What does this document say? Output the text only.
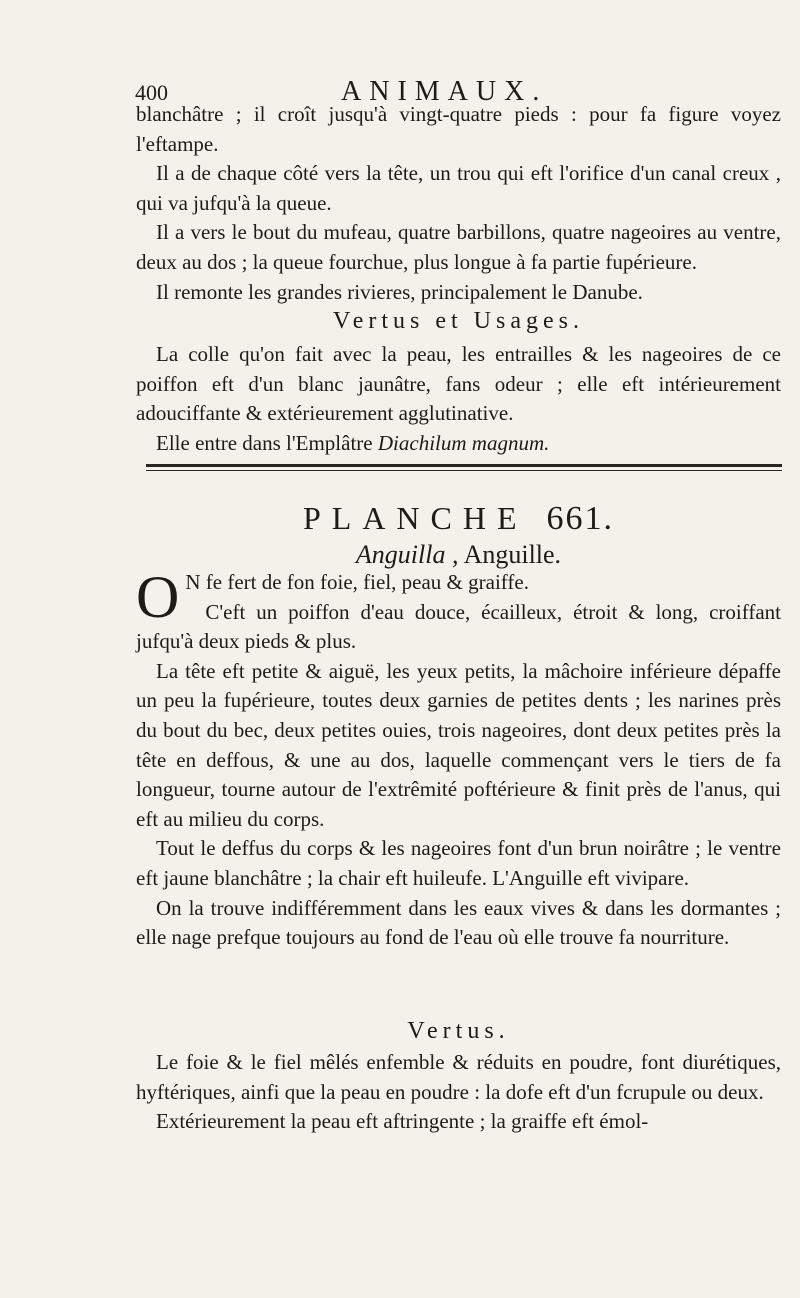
400	ANIMAUX.

blanchâtre ; il croît jusqu'à vingt-quatre pieds : pour fa figure voyez l'eftampe.

Il a de chaque côté vers la tête, un trou qui eft l'orifice d'un canal creux , qui va jufqu'à la queue.

Il a vers le bout du mufeau, quatre barbillons, quatre nageoires au ventre, deux au dos ; la queue fourchue, plus longue à fa partie fupérieure.

Il remonte les grandes rivieres, principalement le Danube.

Vertus et Usages.

La colle qu'on fait avec la peau, les entrailles & les nageoires de ce poiffon eft d'un blanc jaunâtre, fans odeur ; elle eft intérieurement adouciffante & extérieurement agglutinative.

Elle entre dans l'Emplâtre Diachilum magnum.

PLANCHE 661.
Anguilla , Anguille.

O N fe fert de fon foie, fiel, peau & graiffe.

C'eft un poiffon d'eau douce, écailleux, étroit & long, croiffant jufqu'à deux pieds & plus.

La tête eft petite & aiguë, les yeux petits, la mâchoire inférieure dépaffe un peu la fupérieure, toutes deux garnies de petites dents ; les narines près du bout du bec, deux petites ouies, trois nageoires, dont deux petites près la tête en deffous, & une au dos, laquelle commençant vers le tiers de fa longueur, tourne autour de l'extrêmité poftérieure & finit près de l'anus, qui eft au milieu du corps.

Tout le deffus du corps & les nageoires font d'un brun noirâtre ; le ventre eft jaune blanchâtre ; la chair eft huileufe. L'Anguille eft vivipare.

On la trouve indifféremment dans les eaux vives & dans les dormantes ; elle nage prefque toujours au fond de l'eau où elle trouve fa nourriture.

Vertus.

Le foie & le fiel mêlés enfemble & réduits en poudre, font diurétiques, hyftériques, ainfi que la peau en poudre : la dofe eft d'un fcrupule ou deux.

Extérieurement la peau eft aftringente ; la graiffe eft émol-
